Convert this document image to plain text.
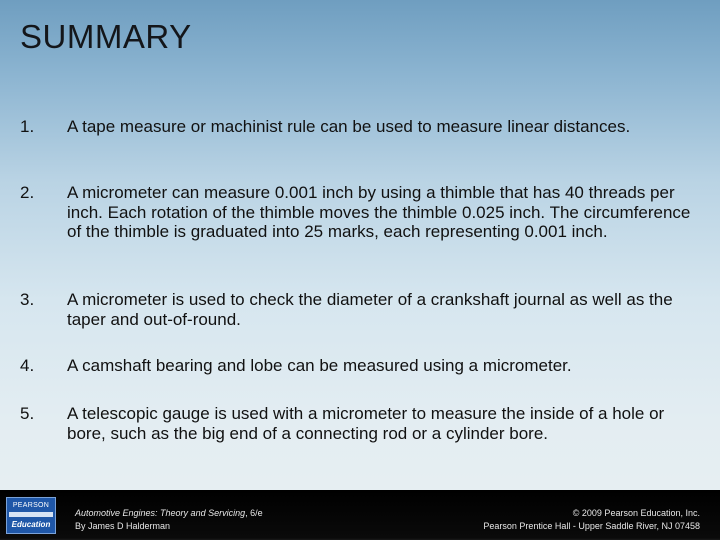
SUMMARY
1.	A tape measure or machinist rule can be used to measure linear distances.
2.	A micrometer can measure 0.001 inch by using a thimble that has 40 threads per inch. Each rotation of the thimble moves the thimble 0.025 inch. The circumference of the thimble is graduated into 25 marks, each representing 0.001 inch.
3.	A micrometer is used to check the diameter of a crankshaft journal as well as the taper and out-of-round.
4.	A camshaft bearing and lobe can be measured using a micrometer.
5.	A telescopic gauge is used with a micrometer to measure the inside of a hole or bore, such as the big end of a connecting rod or a cylinder bore.
PEARSON
Education
Automotive Engines: Theory and Servicing, 6/e
By James D Halderman
© 2009 Pearson Education, Inc.
Pearson Prentice Hall - Upper Saddle River, NJ 07458
